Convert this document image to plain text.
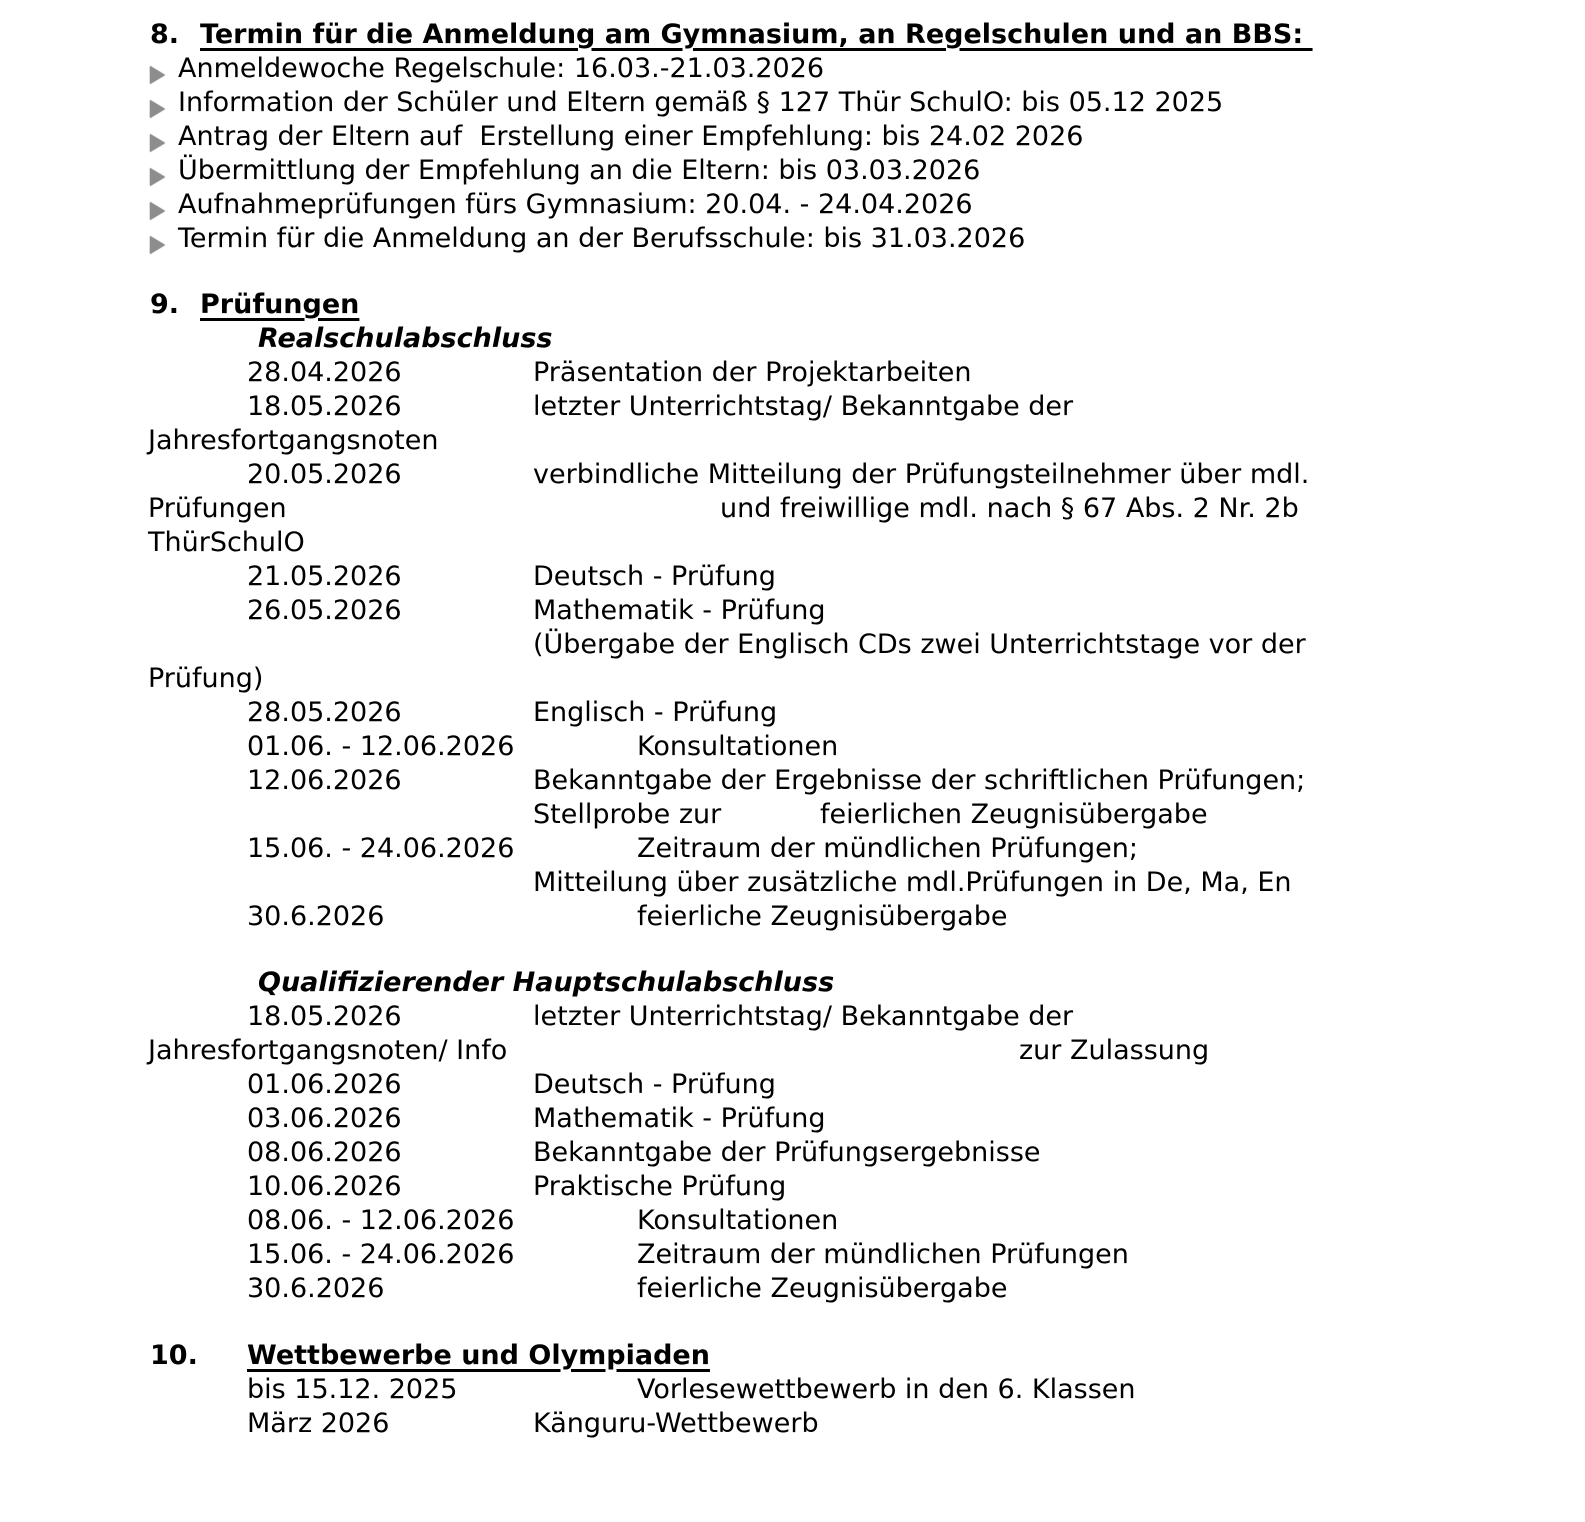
8. Termin für die Anmeldung am Gymnasium, an Regelschulen und an BBS:
Anmeldewoche Regelschule: 16.03.-21.03.2026
Information der Schüler und Eltern gemäß § 127 Thür SchulO: bis 05.12 2025
Antrag der Eltern auf  Erstellung einer Empfehlung: bis 24.02 2026
Übermittlung der Empfehlung an die Eltern: bis 03.03.2026
Aufnahmeprüfungen fürs Gymnasium: 20.04. - 24.04.2026
Termin für die Anmeldung an der Berufsschule: bis 31.03.2026
9. Prüfungen
Realschulabschluss
28.04.2026	Präsentation der Projektarbeiten
18.05.2026	letzter Unterrichtstag/ Bekanntgabe der
Jahresfortgangsnoten
20.05.2026	verbindliche Mitteilung der Prüfungsteilnehmer über mdl.
Prüfungen	und freiwillige mdl. nach § 67 Abs. 2 Nr. 2b
ThürSchulO
21.05.2026	Deutsch - Prüfung
26.05.2026	Mathematik - Prüfung
(Übergabe der Englisch CDs zwei Unterrichtstage vor der
Prüfung)
28.05.2026	Englisch - Prüfung
01.06. - 12.06.2026	Konsultationen
12.06.2026	Bekanntgabe der Ergebnisse der schriftlichen Prüfungen;
Stellprobe zur	feierlichen Zeugnisübergabe
15.06. - 24.06.2026	Zeitraum der mündlichen Prüfungen;
Mitteilung über zusätzliche mdl.Prüfungen in De, Ma, En
30.6.2026	feierliche Zeugnisübergabe
Qualifizierender Hauptschulabschluss
18.05.2026	letzter Unterrichtstag/ Bekanntgabe der
Jahresfortgangsnoten/ Info	zur Zulassung
01.06.2026	Deutsch - Prüfung
03.06.2026	Mathematik - Prüfung
08.06.2026	Bekanntgabe der Prüfungsergebnisse
10.06.2026	Praktische Prüfung
08.06. - 12.06.2026	Konsultationen
15.06. - 24.06.2026	Zeitraum der mündlichen Prüfungen
30.6.2026	feierliche Zeugnisübergabe
10. Wettbewerbe und Olympiaden
bis 15.12. 2025	Vorlesewettbewerb in den 6. Klassen
März 2026	Känguru-Wettbewerb
